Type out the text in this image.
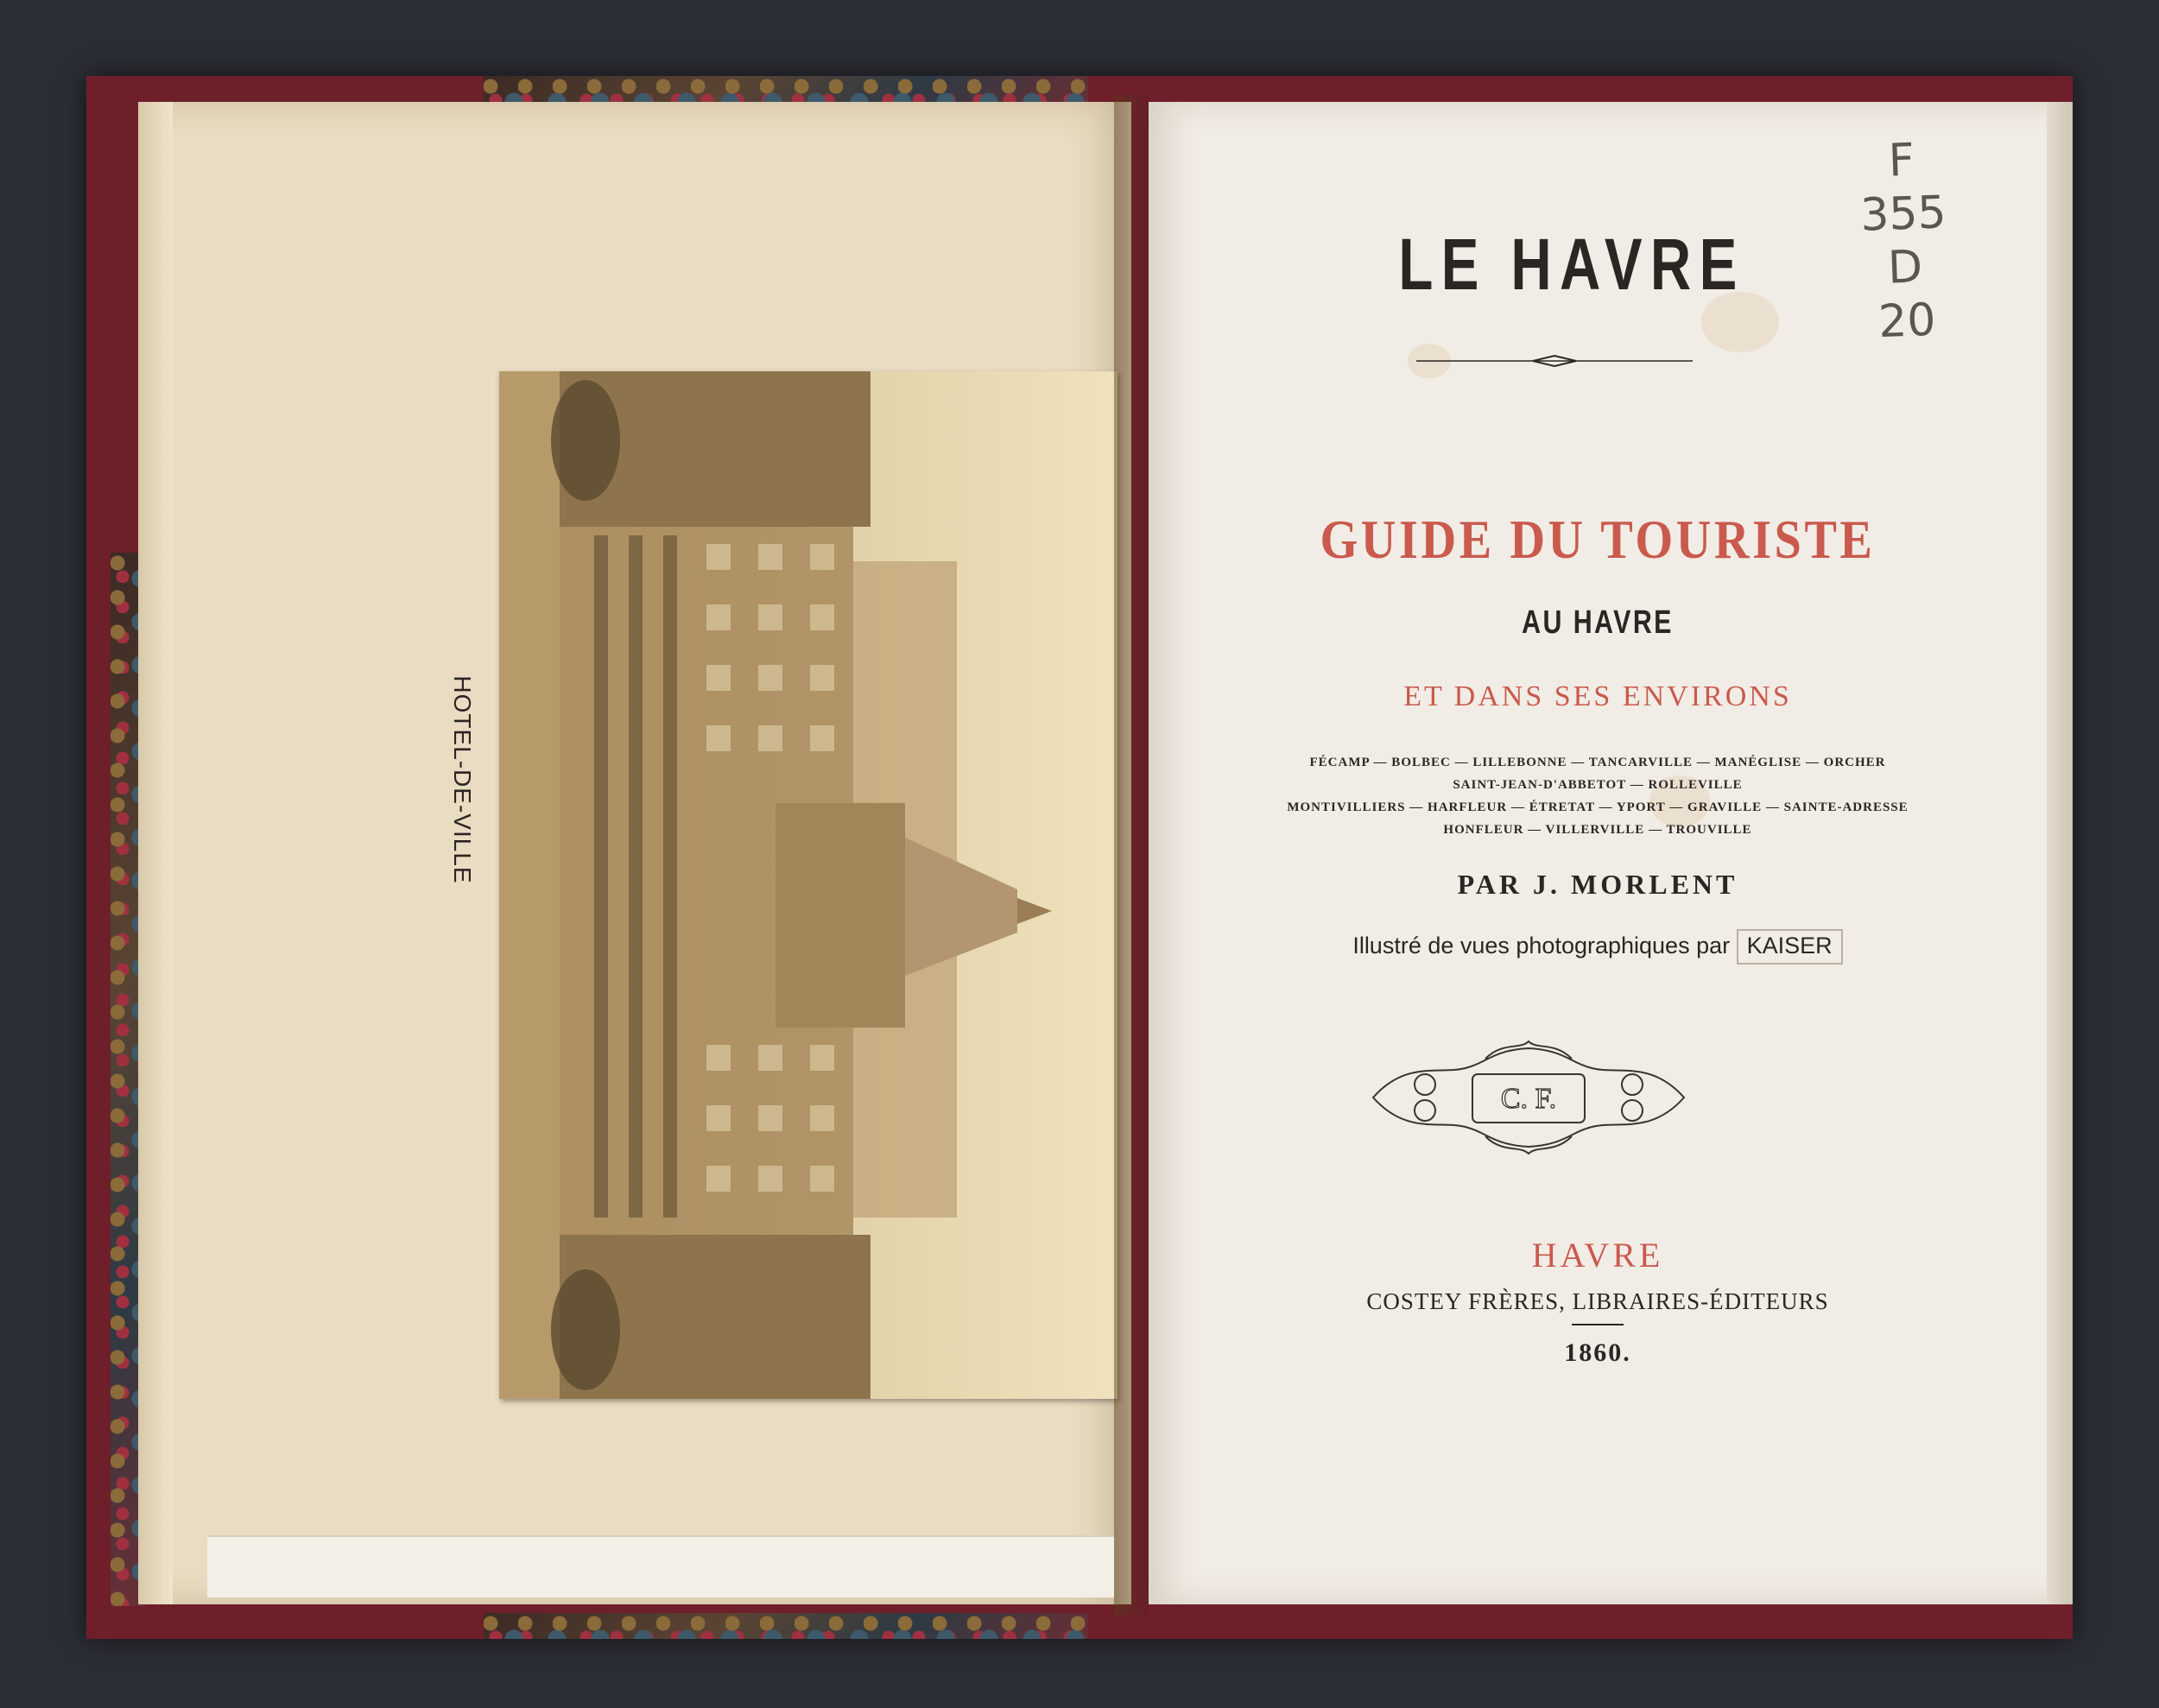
HOTEL-DE-VILLE
LE HAVRE
GUIDE DU TOURISTE
AU HAVRE
ET DANS SES ENVIRONS
FÉCAMP — BOLBEC — LILLEBONNE — TANCARVILLE — MANÉGLISE — ORCHER
SAINT-JEAN-D'ABBETOT — ROLLEVILLE
MONTIVILLIERS — HARFLEUR — ÉTRETAT — YPORT — GRAVILLE — SAINTE-ADRESSE
HONFLEUR — VILLERVILLE — TROUVILLE
PAR J. MORLENT
Illustré de vues photographiques par KAISER
C. F.
HAVRE
COSTEY FRÈRES, LIBRAIRES-ÉDITEURS
1860.
F
355
D
20
